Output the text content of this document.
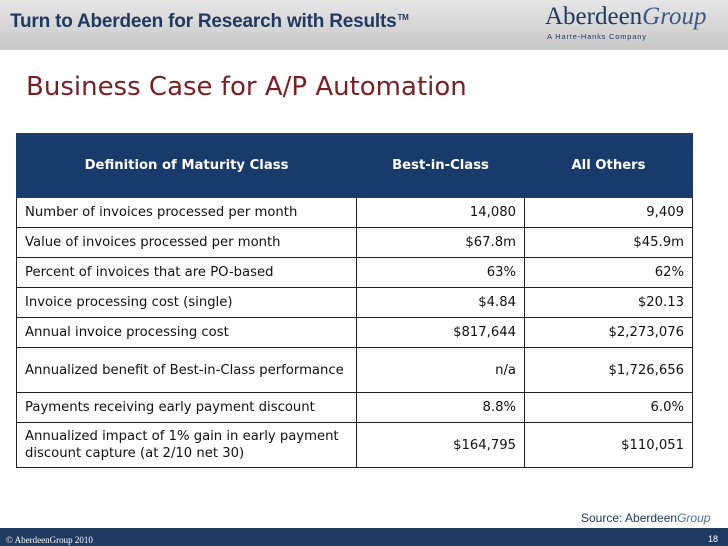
Turn to Aberdeen for Research with Results™	AberdeenGroup
A Harte-Hanks Company
Business Case for A/P Automation
Definition of Maturity Class	Best-in-Class	All Others
Number of invoices processed per month	14,080	9,409
Value of invoices processed per month	$67.8m	$45.9m
Percent of invoices that are PO-based	63%	62%
Invoice processing cost (single)	$4.84	$20.13
Annual invoice processing cost	$817,644	$2,273,076
Annualized benefit of Best-in-Class performance	n/a	$1,726,656
Payments receiving early payment discount	8.8%	6.0%
Annualized impact of 1% gain in early payment discount capture (at 2/10 net 30)	$164,795	$110,051
Source: AberdeenGroup
© AberdeenGroup 2010	18
